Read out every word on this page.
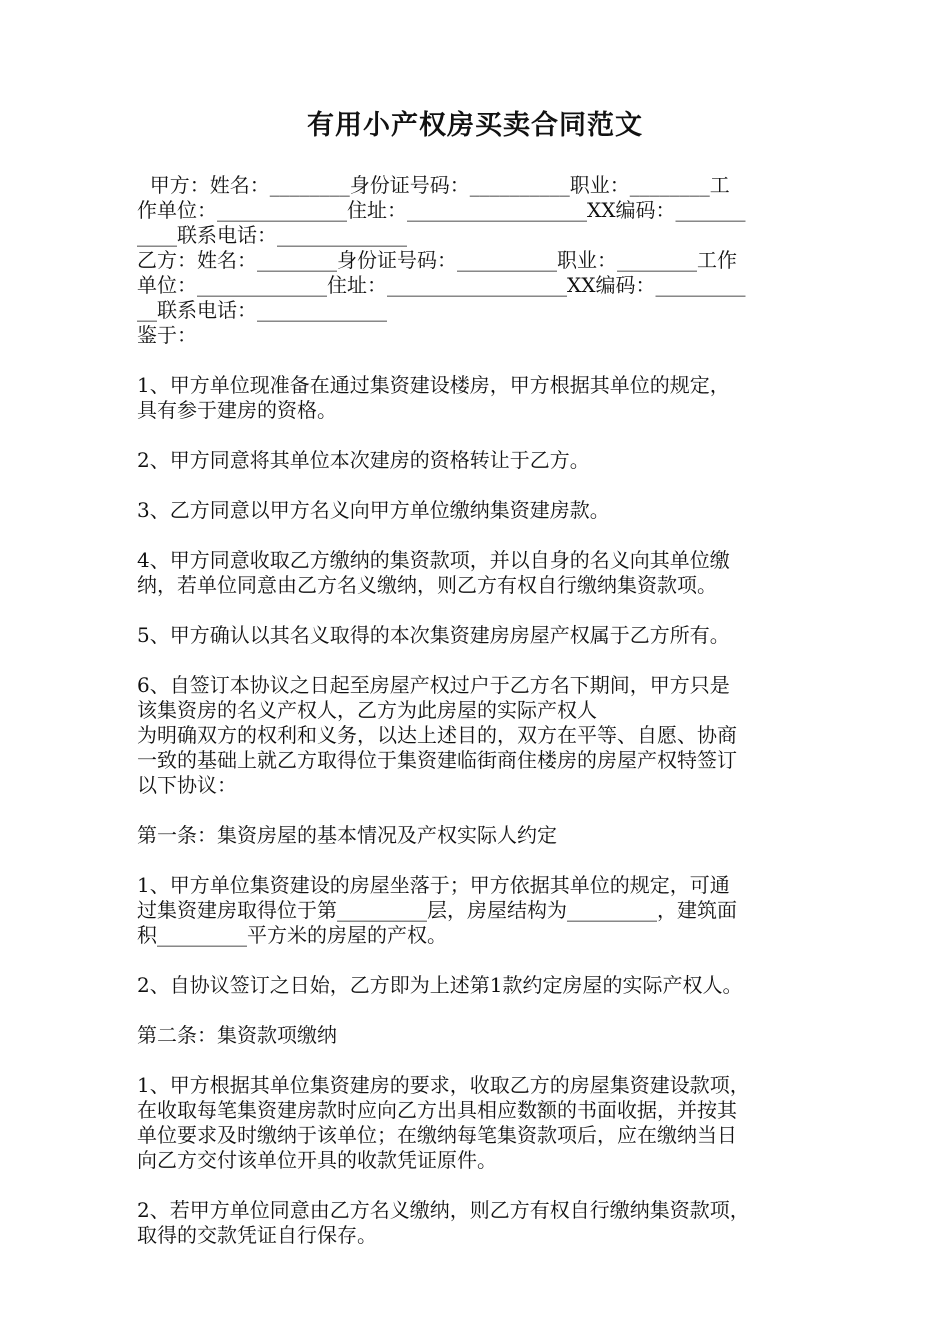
有用小产权房买卖合同范文

甲方：姓名：________身份证号码：__________职业：________工

作单位：_____________住址：__________________XX编码：_______

____联系电话：_____________

乙方：姓名：________身份证号码：__________职业：________工作

单位：_____________住址：__________________XX编码：_________

__联系电话：_____________

鉴于：

1、甲方单位现准备在通过集资建设楼房，甲方根据其单位的规定，

具有参于建房的资格。

2、甲方同意将其单位本次建房的资格转让于乙方。

3、乙方同意以甲方名义向甲方单位缴纳集资建房款。

4、甲方同意收取乙方缴纳的集资款项，并以自身的名义向其单位缴

纳，若单位同意由乙方名义缴纳，则乙方有权自行缴纳集资款项。

5、甲方确认以其名义取得的本次集资建房房屋产权属于乙方所有。

6、自签订本协议之日起至房屋产权过户于乙方名下期间，甲方只是

该集资房的名义产权人，乙方为此房屋的实际产权人

为明确双方的权利和义务，以达上述目的，双方在平等、自愿、协商

一致的基础上就乙方取得位于集资建临街商住楼房的房屋产权特签订

以下协议：

第一条：集资房屋的基本情况及产权实际人约定

1、甲方单位集资建设的房屋坐落于；甲方依据其单位的规定，可通

过集资建房取得位于第_________层，房屋结构为_________，建筑面

积_________平方米的房屋的产权。

2、自协议签订之日始，乙方即为上述第1款约定房屋的实际产权人。

第二条：集资款项缴纳

1、甲方根据其单位集资建房的要求，收取乙方的房屋集资建设款项，

在收取每笔集资建房款时应向乙方出具相应数额的书面收据，并按其

单位要求及时缴纳于该单位；在缴纳每笔集资款项后，应在缴纳当日

向乙方交付该单位开具的收款凭证原件。

2、若甲方单位同意由乙方名义缴纳，则乙方有权自行缴纳集资款项，

取得的交款凭证自行保存。
